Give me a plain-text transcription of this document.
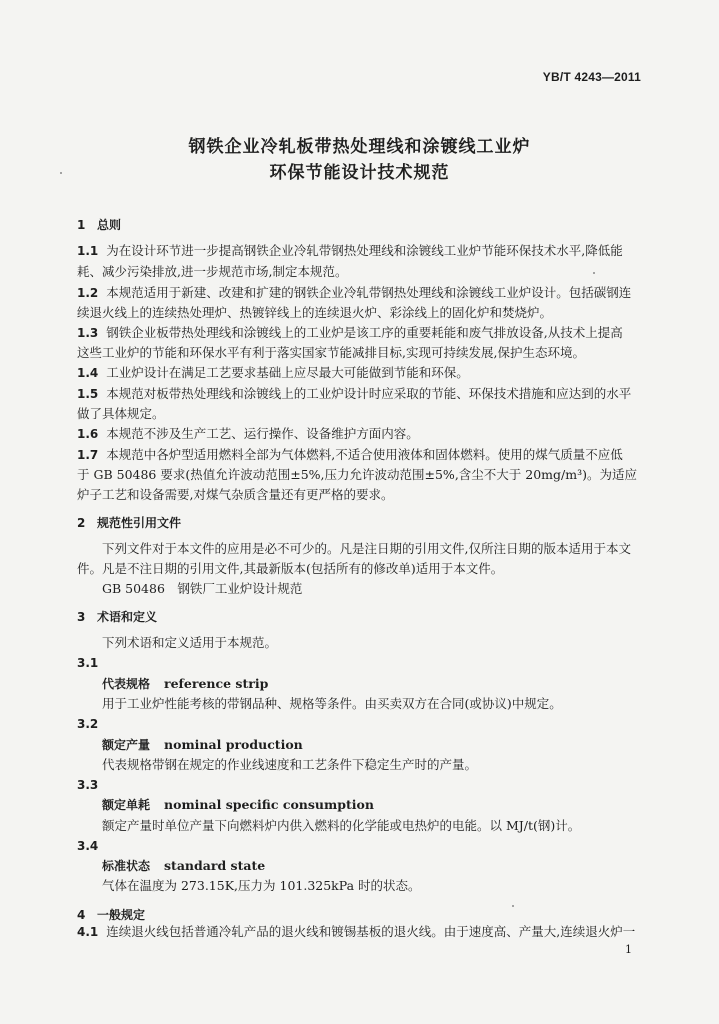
YB/T 4243—2011
钢铁企业冷轧板带热处理线和涂镀线工业炉
环保节能设计技术规范
1 总则
1.1 为在设计环节进一步提高钢铁企业冷轧带钢热处理线和涂镀线工业炉节能环保技术水平,降低能
耗、减少污染排放,进一步规范市场,制定本规范。
1.2 本规范适用于新建、改建和扩建的钢铁企业冷轧带钢热处理线和涂镀线工业炉设计。包括碳钢连
续退火线上的连续热处理炉、热镀锌线上的连续退火炉、彩涂线上的固化炉和焚烧炉。
1.3 钢铁企业板带热处理线和涂镀线上的工业炉是该工序的重要耗能和废气排放设备,从技术上提高
这些工业炉的节能和环保水平有利于落实国家节能减排目标,实现可持续发展,保护生态环境。
1.4 工业炉设计在满足工艺要求基础上应尽最大可能做到节能和环保。
1.5 本规范对板带热处理线和涂镀线上的工业炉设计时应采取的节能、环保技术措施和应达到的水平
做了具体规定。
1.6 本规范不涉及生产工艺、运行操作、设备维护方面内容。
1.7 本规范中各炉型适用燃料全部为气体燃料,不适合使用液体和固体燃料。使用的煤气质量不应低
于 GB 50486 要求(热值允许波动范围±5%,压力允许波动范围±5%,含尘不大于 20mg/m³)。为适应
炉子工艺和设备需要,对煤气杂质含量还有更严格的要求。
2 规范性引用文件
下列文件对于本文件的应用是必不可少的。凡是注日期的引用文件,仅所注日期的版本适用于本文
件。凡是不注日期的引用文件,其最新版本(包括所有的修改单)适用于本文件。
GB 50486　钢铁厂工业炉设计规范
3 术语和定义
下列术语和定义适用于本规范。
3.1
代表规格 reference strip
用于工业炉性能考核的带钢品种、规格等条件。由买卖双方在合同(或协议)中规定。
3.2
额定产量 nominal production
代表规格带钢在规定的作业线速度和工艺条件下稳定生产时的产量。
3.3
额定单耗 nominal specific consumption
额定产量时单位产量下向燃料炉内供入燃料的化学能或电热炉的电能。以 MJ/t(钢)计。
3.4
标准状态 standard state
气体在温度为 273.15K,压力为 101.325kPa 时的状态。
4 一般规定
4.1 连续退火线包括普通冷轧产品的退火线和镀锡基板的退火线。由于速度高、产量大,连续退火炉一
1
